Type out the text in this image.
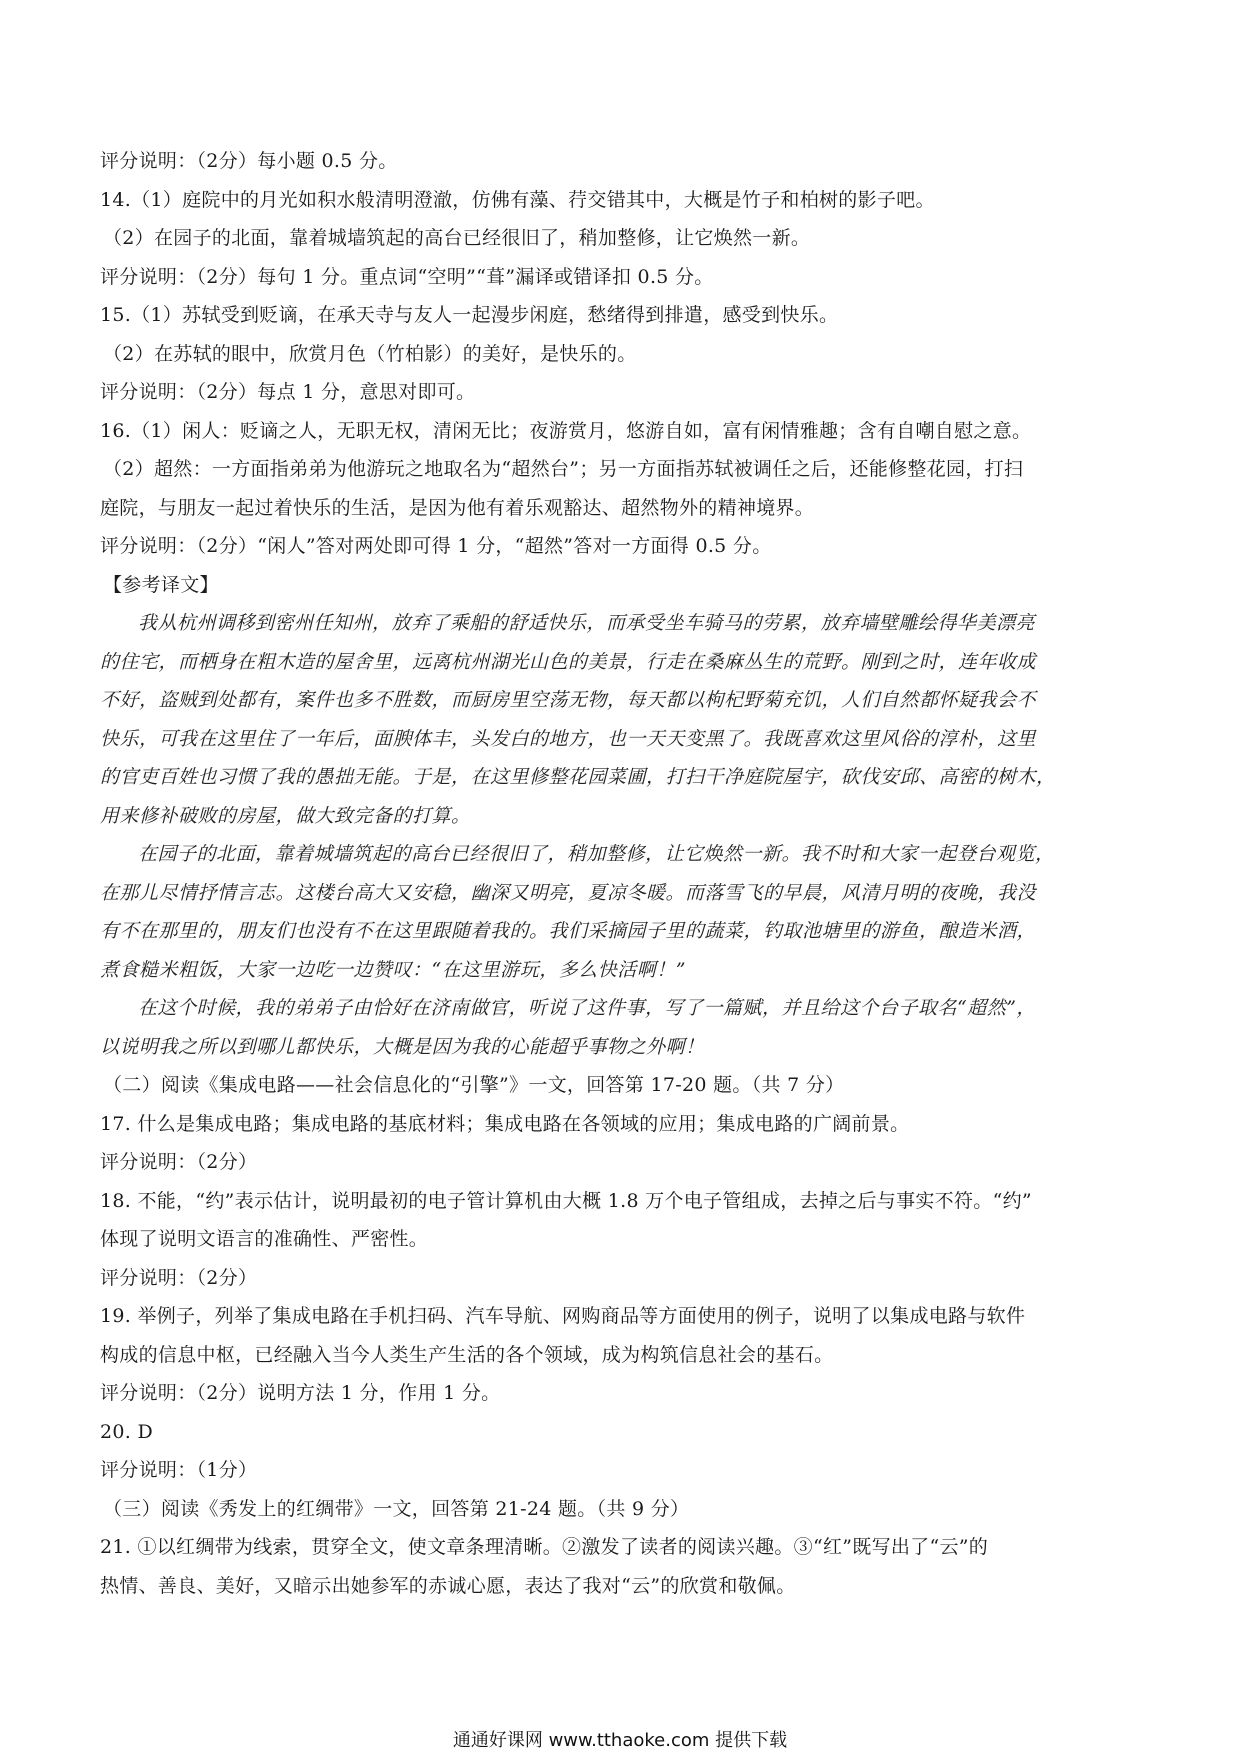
评分说明：（2分）每小题 0.5 分。
14.（1）庭院中的月光如积水般清明澄澈，仿佛有藻、荇交错其中，大概是竹子和柏树的影子吧。
（2）在园子的北面，靠着城墙筑起的高台已经很旧了，稍加整修，让它焕然一新。
评分说明：（2分）每句 1 分。重点词“空明”“葺”漏译或错译扣 0.5 分。
15.（1）苏轼受到贬谪，在承天寺与友人一起漫步闲庭，愁绪得到排遣，感受到快乐。
（2）在苏轼的眼中，欣赏月色（竹柏影）的美好，是快乐的。
评分说明：（2分）每点 1 分，意思对即可。
16.（1）闲人：贬谪之人，无职无权，清闲无比；夜游赏月，悠游自如，富有闲情雅趣；含有自嘲自慰之意。
（2）超然：一方面指弟弟为他游玩之地取名为“超然台”；另一方面指苏轼被调任之后，还能修整花园，打扫
庭院，与朋友一起过着快乐的生活，是因为他有着乐观豁达、超然物外的精神境界。
评分说明：（2分）“闲人”答对两处即可得 1 分，“超然”答对一方面得 0.5 分。
【参考译文】
我从杭州调移到密州任知州，放弃了乘船的舒适快乐，而承受坐车骑马的劳累，放弃墙壁雕绘得华美漂亮
的住宅，而栖身在粗木造的屋舍里，远离杭州湖光山色的美景，行走在桑麻丛生的荒野。刚到之时，连年收成
不好，盗贼到处都有，案件也多不胜数，而厨房里空荡无物，每天都以枸杞野菊充饥，人们自然都怀疑我会不
快乐，可我在这里住了一年后，面腴体丰，头发白的地方，也一天天变黑了。我既喜欢这里风俗的淳朴，这里
的官吏百姓也习惯了我的愚拙无能。于是，在这里修整花园菜圃，打扫干净庭院屋宇，砍伐安邱、高密的树木，
用来修补破败的房屋，做大致完备的打算。
在园子的北面，靠着城墙筑起的高台已经很旧了，稍加整修，让它焕然一新。我不时和大家一起登台观览，
在那儿尽情抒情言志。这楼台高大又安稳，幽深又明亮，夏凉冬暖。而落雪飞的早晨，风清月明的夜晚，我没
有不在那里的，朋友们也没有不在这里跟随着我的。我们采摘园子里的蔬菜，钓取池塘里的游鱼，酿造米酒，
煮食糙米粗饭，大家一边吃一边赞叹：“在这里游玩，多么快活啊！”
在这个时候，我的弟弟子由恰好在济南做官，听说了这件事，写了一篇赋，并且给这个台子取名“超然”，
以说明我之所以到哪儿都快乐，大概是因为我的心能超乎事物之外啊！
（二）阅读《集成电路——社会信息化的“引擎”》一文，回答第 17-20 题。（共 7 分）
17. 什么是集成电路；集成电路的基底材料；集成电路在各领域的应用；集成电路的广阔前景。
评分说明：（2分）
18. 不能，“约”表示估计，说明最初的电子管计算机由大概 1.8 万个电子管组成，去掉之后与事实不符。“约”
体现了说明文语言的准确性、严密性。
评分说明：（2分）
19. 举例子，列举了集成电路在手机扫码、汽车导航、网购商品等方面使用的例子，说明了以集成电路与软件
构成的信息中枢，已经融入当今人类生产生活的各个领域，成为构筑信息社会的基石。
评分说明：（2分）说明方法 1 分，作用 1 分。
20. D
评分说明：（1分）
（三）阅读《秀发上的红绸带》一文，回答第 21-24 题。（共 9 分）
21. ①以红绸带为线索，贯穿全文，使文章条理清晰。②激发了读者的阅读兴趣。③“红”既写出了“云”的
热情、善良、美好，又暗示出她参军的赤诚心愿，表达了我对“云”的欣赏和敬佩。
通通好课网 www.tthaoke.com 提供下载
